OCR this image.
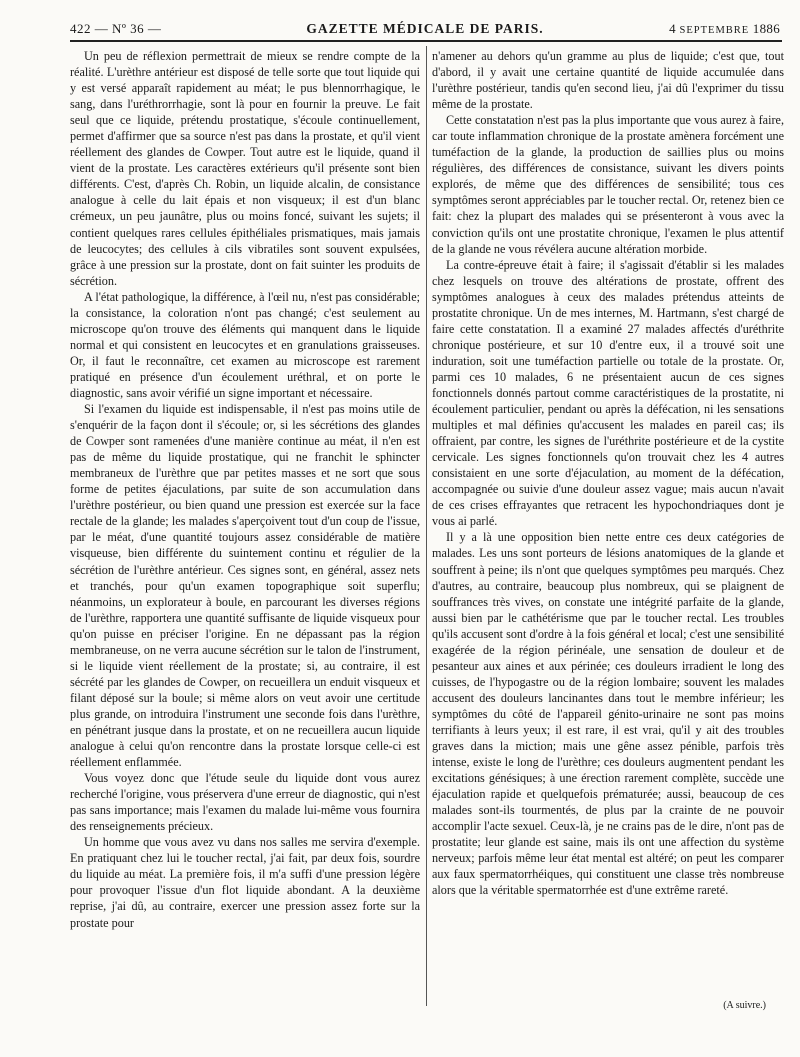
422 — Nº 36 —	GAZETTE MÉDICALE DE PARIS.	4 SEPTEMBRE 1886

Un peu de réflexion permettrait de mieux se rendre compte de la réalité. L'urèthre antérieur est disposé de telle sorte que tout liquide qui y est versé apparaît rapidement au méat; le pus blennorrhagique, le sang, dans l'uréthrorrhagie, sont là pour en fournir la preuve. Le fait seul que ce liquide, prétendu prostatique, s'écoule continuellement, permet d'affirmer que sa source n'est pas dans la prostate, et qu'il vient réellement des glandes de Cowper. Tout autre est le liquide, quand il vient de la prostate. Les caractères extérieurs qu'il présente sont bien différents. C'est, d'après Ch. Robin, un liquide alcalin, de consistance analogue à celle du lait épais et non visqueux; il est d'un blanc crémeux, un peu jaunâtre, plus ou moins foncé, suivant les sujets; il contient quelques rares cellules épithéliales prismatiques, mais jamais de leucocytes; des cellules à cils vibratiles sont souvent expulsées, grâce à une pression sur la prostate, dont on fait suinter les produits de sécrétion.

A l'état pathologique, la différence, à l'œil nu, n'est pas considérable; la consistance, la coloration n'ont pas changé; c'est seulement au microscope qu'on trouve des éléments qui manquent dans le liquide normal et qui consistent en leucocytes et en granulations graisseuses. Or, il faut le reconnaître, cet examen au microscope est rarement pratiqué en présence d'un écoulement uréthral, et on porte le diagnostic, sans avoir vérifié un signe important et nécessaire.

Si l'examen du liquide est indispensable, il n'est pas moins utile de s'enquérir de la façon dont il s'écoule; or, si les sécrétions des glandes de Cowper sont ramenées d'une manière continue au méat, il n'en est pas de même du liquide prostatique, qui ne franchit le sphincter membraneux de l'urèthre que par petites masses et ne sort que sous forme de petites éjaculations, par suite de son accumulation dans l'urèthre postérieur, ou bien quand une pression est exercée sur la face rectale de la glande; les malades s'aperçoivent tout d'un coup de l'issue, par le méat, d'une quantité toujours assez considérable de matière visqueuse, bien différente du suintement continu et régulier de la sécrétion de l'urèthre antérieur. Ces signes sont, en général, assez nets et tranchés, pour qu'un examen topographique soit superflu; néanmoins, un explorateur à boule, en parcourant les diverses régions de l'urèthre, rapportera une quantité suffisante de liquide visqueux pour qu'on puisse en préciser l'origine. En ne dépassant pas la région membraneuse, on ne verra aucune sécrétion sur le talon de l'instrument, si le liquide vient réellement de la prostate; si, au contraire, il est sécrété par les glandes de Cowper, on recueillera un enduit visqueux et filant déposé sur la boule; si même alors on veut avoir une certitude plus grande, on introduira l'instrument une seconde fois dans l'urèthre, en pénétrant jusque dans la prostate, et on ne recueillera aucun liquide analogue à celui qu'on rencontre dans la prostate lorsque celle-ci est réellement enflammée.

Vous voyez donc que l'étude seule du liquide dont vous aurez recherché l'origine, vous préservera d'une erreur de diagnostic, qui n'est pas sans importance; mais l'examen du malade lui-même vous fournira des renseignements précieux.

Un homme que vous avez vu dans nos salles me servira d'exemple. En pratiquant chez lui le toucher rectal, j'ai fait, par deux fois, sourdre du liquide au méat. La première fois, il m'a suffi d'une pression légère pour provoquer l'issue d'un flot liquide abondant. A la deuxième reprise, j'ai dû, au contraire, exercer une pression assez forte sur la prostate pour

n'amener au dehors qu'un gramme au plus de liquide; c'est que, tout d'abord, il y avait une certaine quantité de liquide accumulée dans l'urèthre postérieur, tandis qu'en second lieu, j'ai dû l'exprimer du tissu même de la prostate.

Cette constatation n'est pas la plus importante que vous aurez à faire, car toute inflammation chronique de la prostate amènera forcément une tuméfaction de la glande, la production de saillies plus ou moins régulières, des différences de consistance, suivant les divers points explorés, de même que des différences de sensibilité; tous ces symptômes seront appréciables par le toucher rectal. Or, retenez bien ce fait: chez la plupart des malades qui se présenteront à vous avec la conviction qu'ils ont une prostatite chronique, l'examen le plus attentif de la glande ne vous révélera aucune altération morbide.

La contre-épreuve était à faire; il s'agissait d'établir si les malades chez lesquels on trouve des altérations de prostate, offrent des symptômes analogues à ceux des malades prétendus atteints de prostatite chronique. Un de mes internes, M. Hartmann, s'est chargé de faire cette constatation. Il a examiné 27 malades affectés d'uréthrite chronique postérieure, et sur 10 d'entre eux, il a trouvé soit une induration, soit une tuméfaction partielle ou totale de la prostate. Or, parmi ces 10 malades, 6 ne présentaient aucun de ces signes fonctionnels donnés partout comme caractéristiques de la prostatite, ni écoulement particulier, pendant ou après la défécation, ni les sensations multiples et mal définies qu'accusent les malades en pareil cas; ils offraient, par contre, les signes de l'uréthrite postérieure et de la cystite cervicale. Les signes fonctionnels qu'on trouvait chez les 4 autres consistaient en une sorte d'éjaculation, au moment de la défécation, accompagnée ou suivie d'une douleur assez vague; mais aucun n'avait de ces crises effrayantes que retracent les hypochondriaques dont je vous ai parlé.

Il y a là une opposition bien nette entre ces deux catégories de malades. Les uns sont porteurs de lésions anatomiques de la glande et souffrent à peine; ils n'ont que quelques symptômes peu marqués. Chez d'autres, au contraire, beaucoup plus nombreux, qui se plaignent de souffrances très vives, on constate une intégrité parfaite de la glande, aussi bien par le cathétérisme que par le toucher rectal. Les troubles qu'ils accusent sont d'ordre à la fois général et local; c'est une sensibilité exagérée de la région périnéale, une sensation de douleur et de pesanteur aux aines et aux périnée; ces douleurs irradient le long des cuisses, de l'hypogastre ou de la région lombaire; souvent les malades accusent des douleurs lancinantes dans tout le membre inférieur; les symptômes du côté de l'appareil génito-urinaire ne sont pas moins terrifiants à leurs yeux; il est rare, il est vrai, qu'il y ait des troubles graves dans la miction; mais une gêne assez pénible, parfois très intense, existe le long de l'urèthre; ces douleurs augmentent pendant les excitations génésiques; à une érection rarement complète, succède une éjaculation rapide et quelquefois prématurée; aussi, beaucoup de ces malades sont-ils tourmentés, de plus par la crainte de ne pouvoir accomplir l'acte sexuel. Ceux-là, je ne crains pas de le dire, n'ont pas de prostatite; leur glande est saine, mais ils ont une affection du système nerveux; parfois même leur état mental est altéré; on peut les comparer aux faux spermatorrhéiques, qui constituent une classe très nombreuse alors que la véritable spermatorrhée est d'une extrême rareté.

(A suivre.)
